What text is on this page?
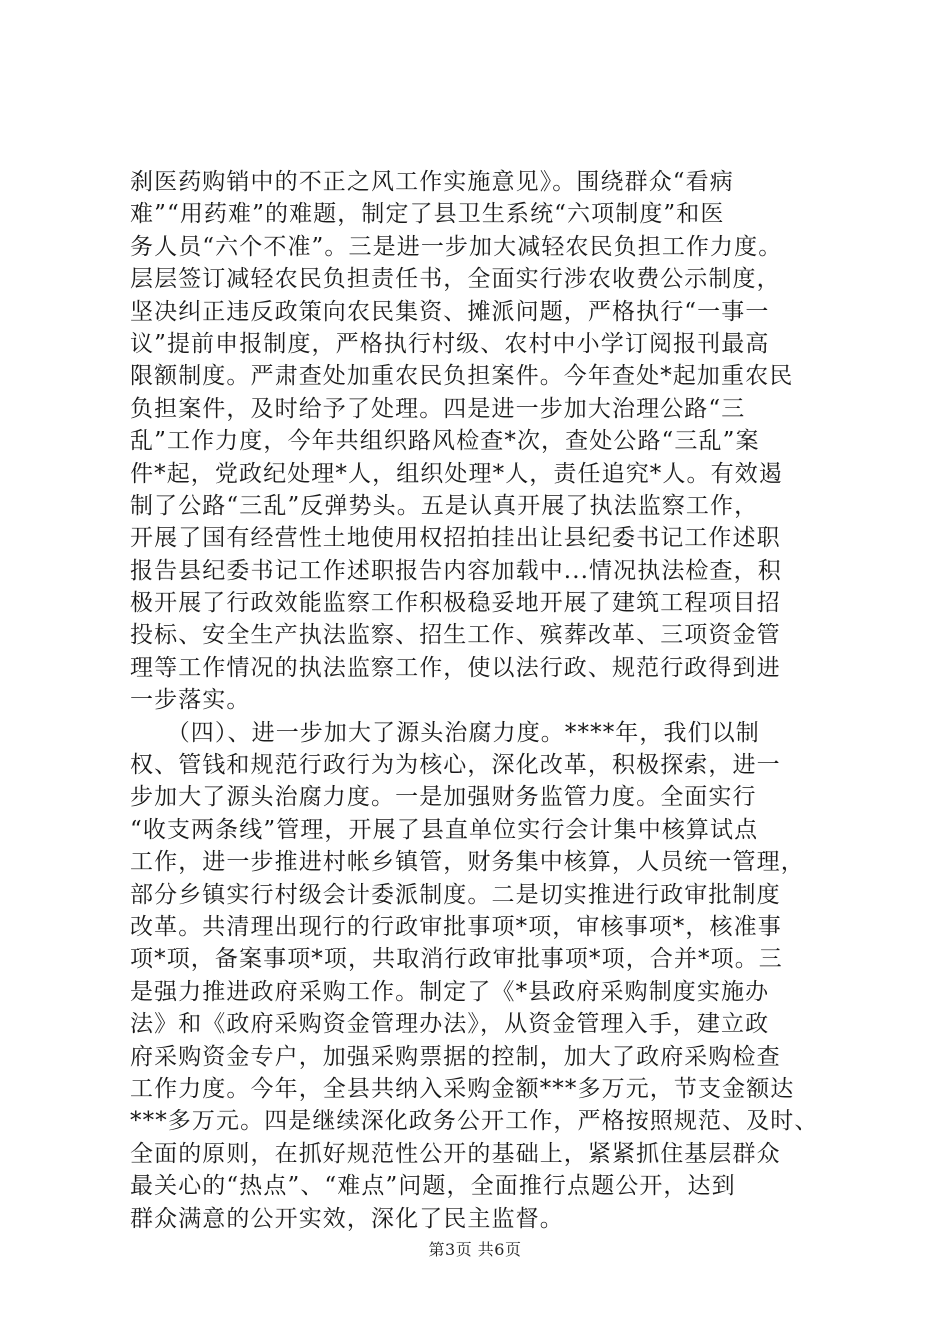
刹医药购销中的不正之风工作实施意见》。围绕群众“看病
难”“用药难”的难题，制定了县卫生系统“六项制度”和医
务人员“六个不准”。三是进一步加大减轻农民负担工作力度。
层层签订减轻农民负担责任书，全面实行涉农收费公示制度，
坚决纠正违反政策向农民集资、摊派问题，严格执行“一事一
议”提前申报制度，严格执行村级、农村中小学订阅报刊最高
限额制度。严肃查处加重农民负担案件。今年查处*起加重农民
负担案件，及时给予了处理。四是进一步加大治理公路“三
乱”工作力度，今年共组织路风检查*次，查处公路“三乱”案
件*起，党政纪处理*人，组织处理*人，责任追究*人。有效遏
制了公路“三乱”反弹势头。五是认真开展了执法监察工作，
开展了国有经营性土地使用权招拍挂出让县纪委书记工作述职
报告县纪委书记工作述职报告内容加载中...情况执法检查，积
极开展了行政效能监察工作积极稳妥地开展了建筑工程项目招
投标、安全生产执法监察、招生工作、殡葬改革、三项资金管
理等工作情况的执法监察工作，使以法行政、规范行政得到进
一步落实。
　　（四）、进一步加大了源头治腐力度。****年，我们以制
权、管钱和规范行政行为为核心，深化改革，积极探索，进一
步加大了源头治腐力度。一是加强财务监管力度。全面实行
“收支两条线”管理，开展了县直单位实行会计集中核算试点
工作，进一步推进村帐乡镇管，财务集中核算，人员统一管理，
部分乡镇实行村级会计委派制度。二是切实推进行政审批制度
改革。共清理出现行的行政审批事项*项，审核事项*，核准事
项*项，备案事项*项，共取消行政审批事项*项，合并*项。三
是强力推进政府采购工作。制定了《*县政府采购制度实施办
法》和《政府采购资金管理办法》，从资金管理入手，建立政
府采购资金专户，加强采购票据的控制，加大了政府采购检查
工作力度。今年，全县共纳入采购金额***多万元，节支金额达
***多万元。四是继续深化政务公开工作，严格按照规范、及时、
全面的原则，在抓好规范性公开的基础上，紧紧抓住基层群众
最关心的“热点”、“难点”问题，全面推行点题公开，达到
群众满意的公开实效，深化了民主监督。
第3页 共6页
